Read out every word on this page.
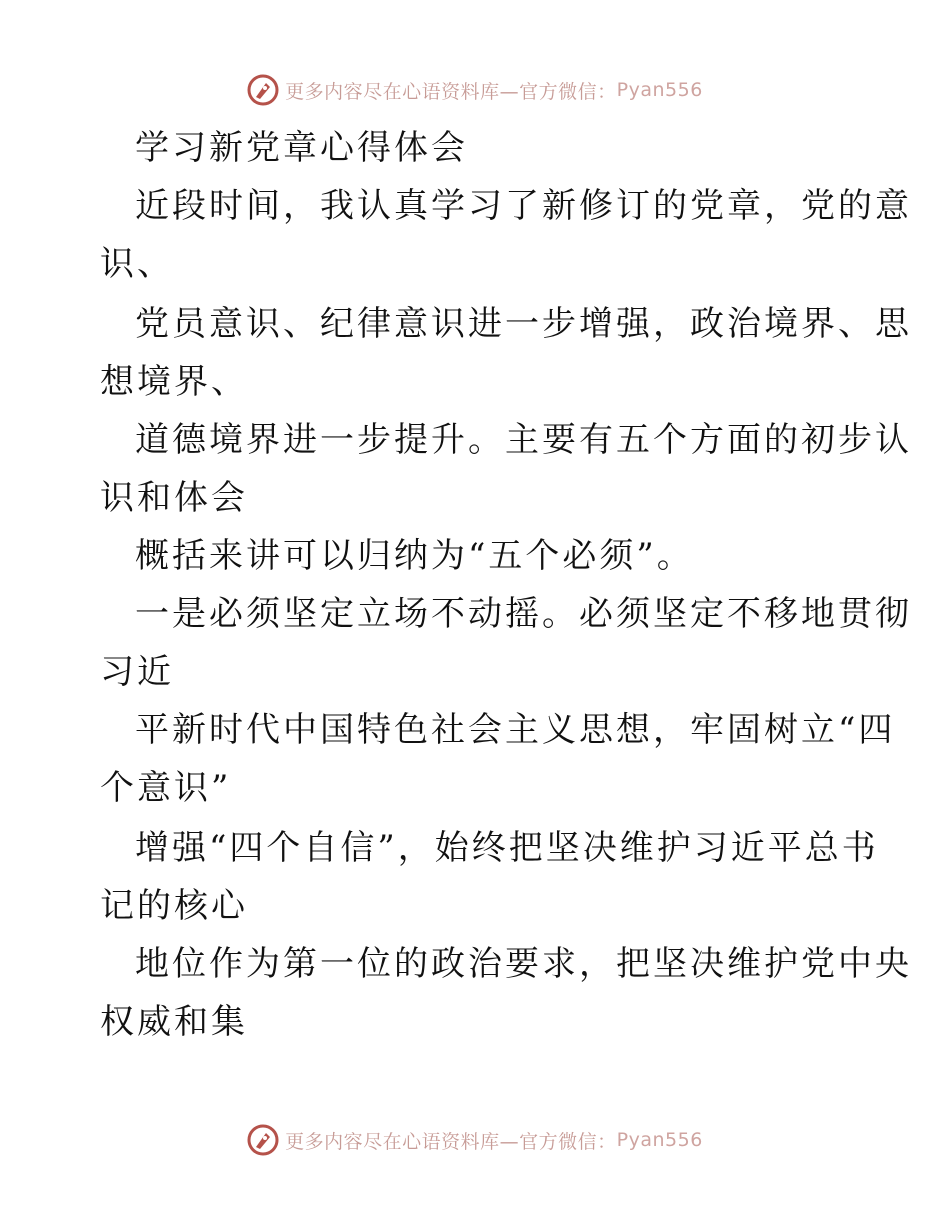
更多内容尽在心语资料库—官方微信： Pyan556
学习新党章心得体会
近段时间，我认真学习了新修订的党章，党的意
识、
党员意识、纪律意识进一步增强，政治境界、思
想境界、
道德境界进一步提升。主要有五个方面的初步认
识和体会
概括来讲可以归纳为“五个必须”。
一是必须坚定立场不动摇。必须坚定不移地贯彻
习近
平新时代中国特色社会主义思想，牢固树立“四
个意识”
增强“四个自信”，始终把坚决维护习近平总书
记的核心
地位作为第一位的政治要求，把坚决维护党中央
权威和集
更多内容尽在心语资料库—官方微信： Pyan556
